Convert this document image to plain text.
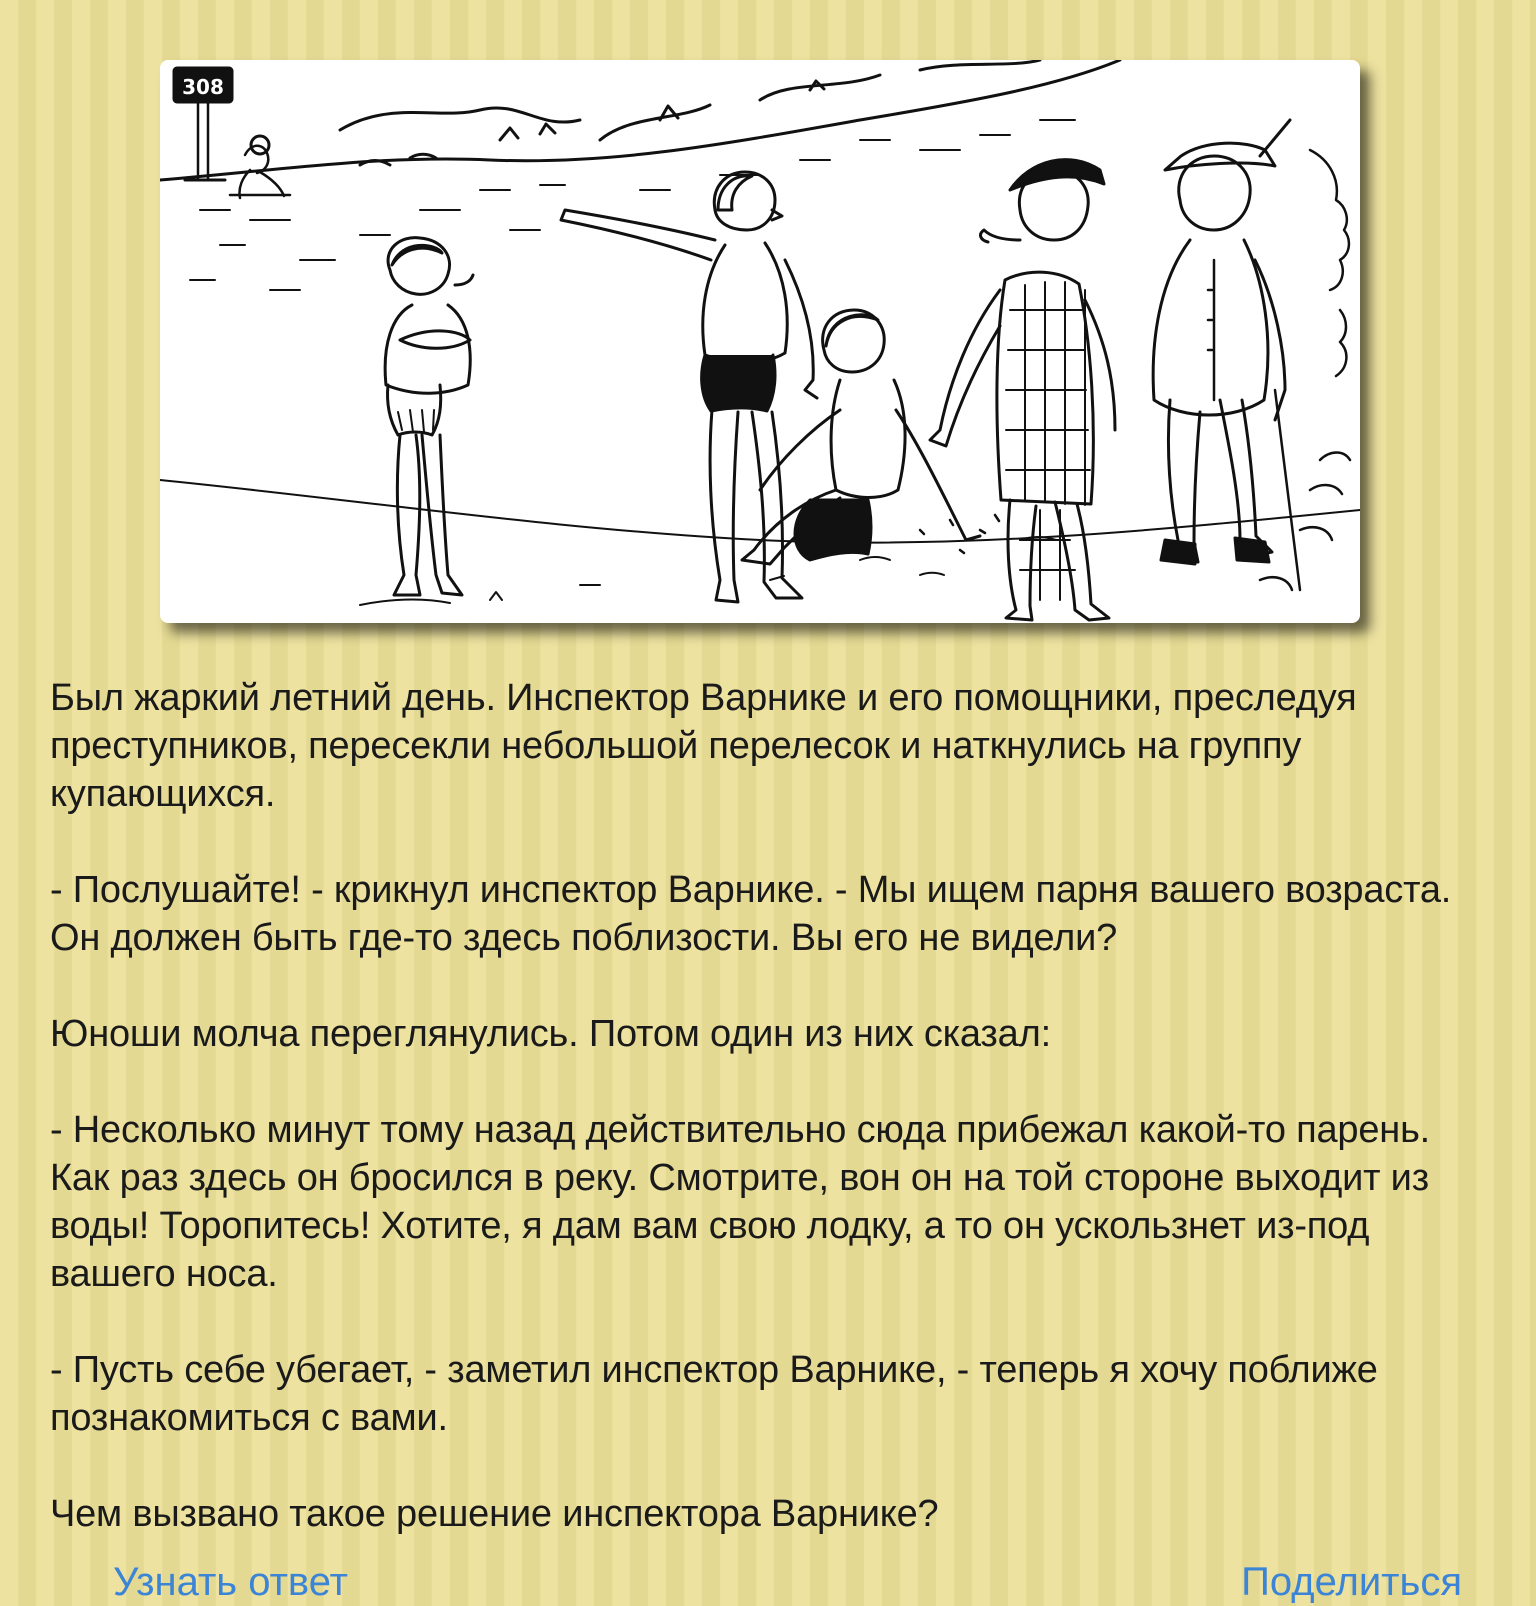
308

Был жаркий летний день. Инспектор Варнике и его помощники, преследуя преступников, пересекли небольшой перелесок и наткнулись на группу купающихся.

- Послушайте! - крикнул инспектор Варнике. - Мы ищем парня вашего возраста. Он должен быть где-то здесь поблизости. Вы его не видели?

Юноши молча переглянулись. Потом один из них сказал:

- Несколько минут тому назад действительно сюда прибежал какой-то парень. Как раз здесь он бросился в реку. Смотрите, вон он на той стороне выходит из воды! Торопитесь! Хотите, я дам вам свою лодку, а то он ускользнет из-под вашего носа.

- Пусть себе убегает, - заметил инспектор Варнике, - теперь я хочу поближе познакомиться с вами.

Чем вызвано такое решение инспектора Варнике?

Узнать ответ	Поделиться
